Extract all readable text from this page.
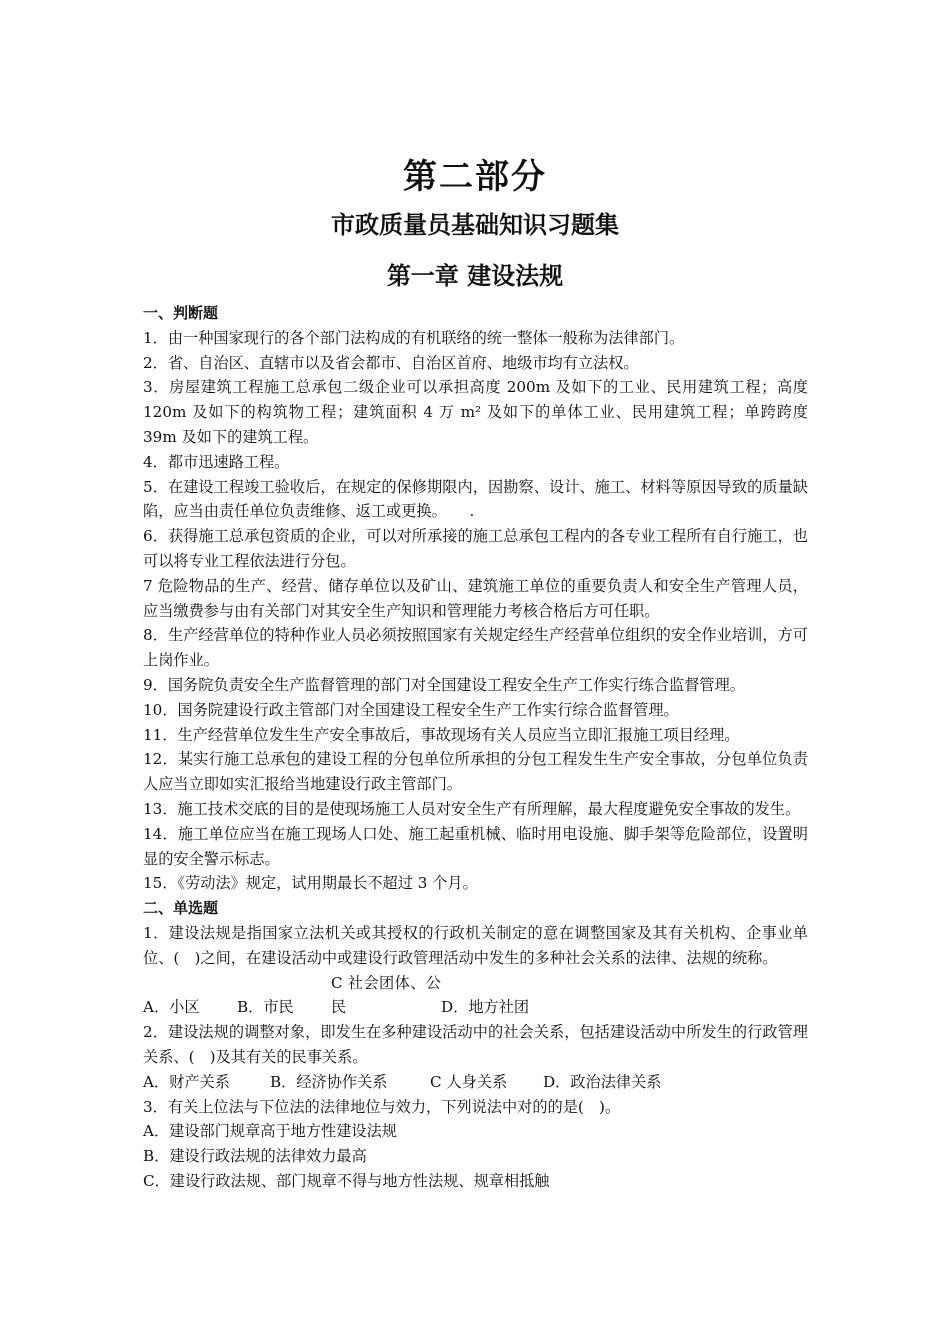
第二部分
市政质量员基础知识习题集
第一章 建设法规

一、判断题

1．由一种国家现行的各个部门法构成的有机联络的统一整体一般称为法律部门。

2．省、自治区、直辖市以及省会都市、自治区首府、地级市均有立法权。

3．房屋建筑工程施工总承包二级企业可以承担高度 200m 及如下的工业、民用建筑工程；高度 120m 及如下的构筑物工程；建筑面积 4 万 m² 及如下的单体工业、民用建筑工程；单跨跨度 39m 及如下的建筑工程。

4．都市迅速路工程。

5．在建设工程竣工验收后，在规定的保修期限内，因勘察、设计、施工、材料等原因导致的质量缺陷，应当由责任单位负责维修、返工或更换。　　.

6．获得施工总承包资质的企业，可以对所承接的施工总承包工程内的各专业工程所有自行施工，也可以将专业工程依法进行分包。

7 危险物品的生产、经营、储存单位以及矿山、建筑施工单位的重要负责人和安全生产管理人员，应当缴费参与由有关部门对其安全生产知识和管理能力考核合格后方可任职。

8．生产经营单位的特种作业人员必须按照国家有关规定经生产经营单位组织的安全作业培训，方可上岗作业。

9．国务院负责安全生产监督管理的部门对全国建设工程安全生产工作实行练合监督管理。

10．国务院建设行政主管部门对全国建设工程安全生产工作实行综合监督管理。

11．生产经营单位发生生产安全事故后，事故现场有关人员应当立即汇报施工项目经理。

12．某实行施工总承包的建设工程的分包单位所承担的分包工程发生生产安全事故，分包单位负责人应当立即如实汇报给当地建设行政主管部门。

13．施工技术交底的目的是使现场施工人员对安全生产有所理解，最大程度避免安全事故的发生。

14．施工单位应当在施工现场人口处、施工起重机械、临时用电设施、脚手架等危险部位，设置明显的安全警示标志。

15．《劳动法》规定，试用期最长不超过 3 个月。

二、单选题

1．建设法规是指国家立法机关或其授权的行政机关制定的意在调整国家及其有关机构、企事业单位、(　)之间，在建设活动中或建设行政管理活动中发生的多种社会关系的法律、法规的统称。

A．小区 B．市民C 社会团体、公民	D．地方社团

2．建设法规的调整对象，即发生在多种建设活动中的社会关系，包括建设活动中所发生的行政管理关系、(　)及其有关的民事关系。

A．财产关系	B．经济协作关系	C 人身关系 D．政治法律关系

3．有关上位法与下位法的法律地位与效力，下列说法中对的的是(　)。

A．建设部门规章高于地方性建设法规

B．建设行政法规的法律效力最高

C．建设行政法规、部门规章不得与地方性法规、规章相抵触
